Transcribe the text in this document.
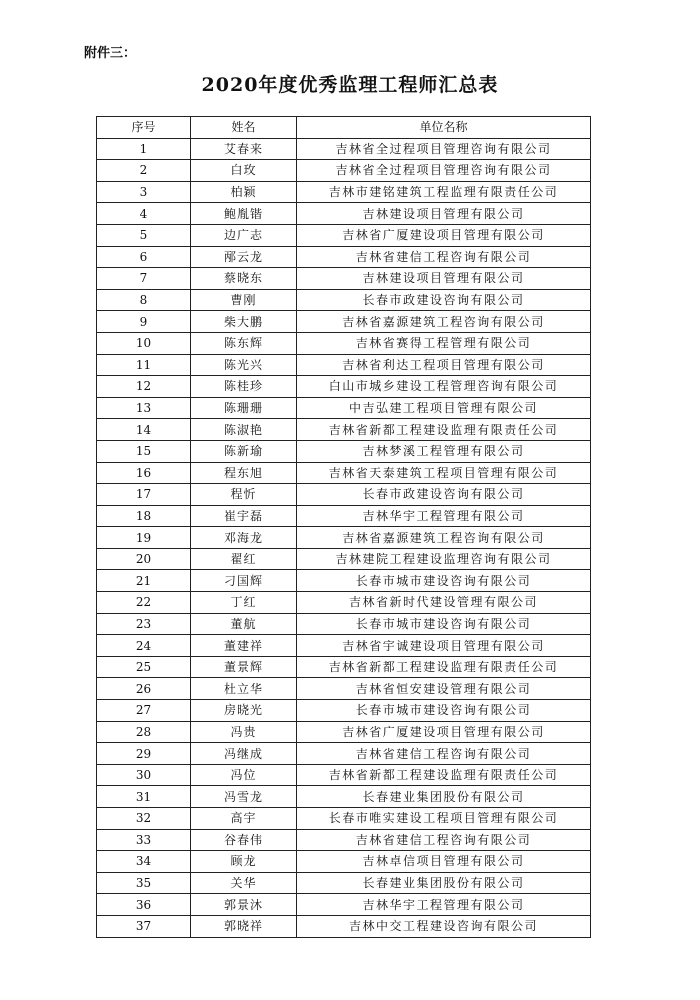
附件三：
2020年度优秀监理工程师汇总表
序号	姓名	单位名称
1	艾春来	吉林省全过程项目管理咨询有限公司
2	白玫	吉林省全过程项目管理咨询有限公司
3	柏颖	吉林市建铭建筑工程监理有限责任公司
4	鲍胤锴	吉林建设项目管理有限公司
5	边广志	吉林省广厦建设项目管理有限公司
6	邴云龙	吉林省建信工程咨询有限公司
7	蔡晓东	吉林建设项目管理有限公司
8	曹刚	长春市政建设咨询有限公司
9	柴大鹏	吉林省嘉源建筑工程咨询有限公司
10	陈东辉	吉林省赛得工程管理有限公司
11	陈光兴	吉林省利达工程项目管理有限公司
12	陈桂珍	白山市城乡建设工程管理咨询有限公司
13	陈珊珊	中吉弘建工程项目管理有限公司
14	陈淑艳	吉林省新都工程建设监理有限责任公司
15	陈新瑜	吉林梦溪工程管理有限公司
16	程东旭	吉林省天泰建筑工程项目管理有限公司
17	程忻	长春市政建设咨询有限公司
18	崔宇磊	吉林华宇工程管理有限公司
19	邓海龙	吉林省嘉源建筑工程咨询有限公司
20	翟红	吉林建院工程建设监理咨询有限公司
21	刁国辉	长春市城市建设咨询有限公司
22	丁红	吉林省新时代建设管理有限公司
23	董航	长春市城市建设咨询有限公司
24	董建祥	吉林省宇诚建设项目管理有限公司
25	董景辉	吉林省新都工程建设监理有限责任公司
26	杜立华	吉林省恒安建设管理有限公司
27	房晓光	长春市城市建设咨询有限公司
28	冯贵	吉林省广厦建设项目管理有限公司
29	冯继成	吉林省建信工程咨询有限公司
30	冯位	吉林省新都工程建设监理有限责任公司
31	冯雪龙	长春建业集团股份有限公司
32	高宇	长春市唯实建设工程项目管理有限公司
33	谷春伟	吉林省建信工程咨询有限公司
34	顾龙	吉林卓信项目管理有限公司
35	关华	长春建业集团股份有限公司
36	郭景沐	吉林华宇工程管理有限公司
37	郭晓祥	吉林中交工程建设咨询有限公司
